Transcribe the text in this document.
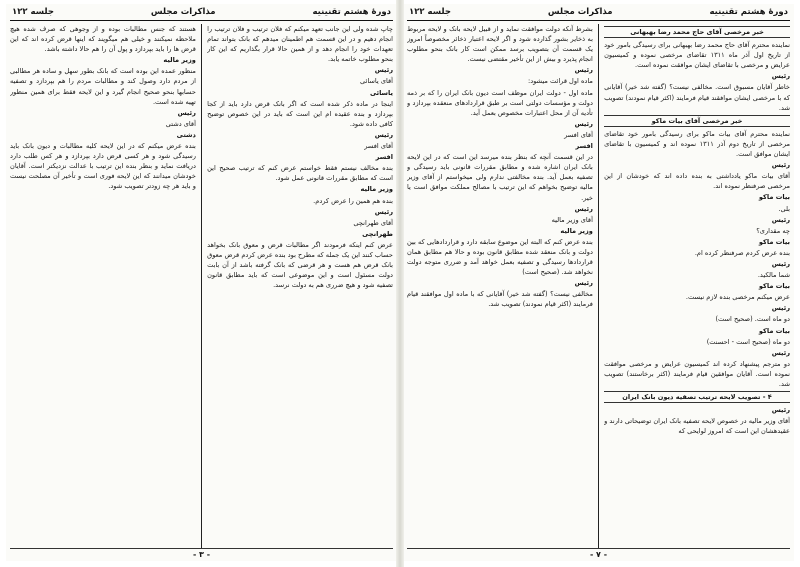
دورهٔ هشتم تقنینیه
مذاکرات مجلس
جلسه ۱۲۲

خبر مرخصی آقای حاج محمد رضا بهبهانی

نماینده محترم آقای حاج محمد رضا بهبهانی برای رسیدگی بامور خود از تاریخ اول آذر ماه ۱۳۱۱ تقاضای مرخصی نموده و کمیسیون عرایض و مرخصی با تقاضای ایشان موافقت نموده است.

رئیس

خاطر آقایان مسبوق است. مخالفی نیست؟ (گفته شد خیر) آقایانی که با مرخصی ایشان موافقند قیام فرمایند (اکثر قیام نمودند) تصویب شد.

خبر مرخصی آقای بیات ماکو

نماینده محترم آقای بیات ماکو برای رسیدگی بامور خود تقاضای مرخصی از تاریخ دوم آذر ۱۳۱۱ نموده اند و کمیسیون با تقاضای ایشان موافق است.

رئیس

آقای بیات ماکو یادداشتی به بنده داده اند که خودشان از این مرخصی صرفنظر نموده اند.

بیات ماکو

بلی.

رئیس

چه مقداری؟

بیات ماکو

بنده عرض کردم صرفنظر کرده ام.

رئیس

شما مالکید.

بیات ماکو

عرض میکنم مرخصی بنده لازم نیست.

رئیس

دو ماه است. (صحیح است)

بیات ماکو

دو ماه (صحیح است - احسنت)

رئیس

دو مترجم پیشنهاد کرده اند کمیسیون عرایض و مرخصی موافقت نموده است. آقایان موافقین قیام فرمایند (اکثر برخاستند) تصویب شد.

۴ - تصویب لایحه ترتیب تصفیه دیون بانک ایران

رئیس

آقای وزیر مالیه در خصوص لایحه تصفیه بانک ایران توضیحاتی دارند و عقیدهشان این است که امروز لوایحی که

بشرط آنکه دولت موافقت نماید و از قبیل لایحه بانک و لایحه مربوط به ذخایر بشور گذارده شود و اگر لایحه اعتبار ذخائر مخصوصاً امروز یک قسمت آن بتصویب برسد ممکن است کار بانک بنحو مطلوب انجام پذیرد و بیش از این تأخیر مقتضی نیست.

رئیس

ماده اول قرائت میشود:

ماده اول - دولت ایران موظف است دیون بانک ایران را که بر ذمه دولت و مؤسسات دولتی است بر طبق قراردادهای منعقده بپردازد و تأدیه آن از محل اعتبارات مخصوص بعمل آید.

رئیس

آقای افسر

افسر

در این قسمت آنچه که بنظر بنده میرسد این است که در این لایحه بانک ایران اشاره شده و مطابق مقررات قانونی باید رسیدگی و تصفیه بعمل آید. بنده مخالفتی ندارم ولی میخواستم از آقای وزیر مالیه توضیح بخواهم که این ترتیب با مصالح مملکت موافق است یا خیر.

رئیس

آقای وزیر مالیه

وزیر مالیه

بنده عرض کنم که البته این موضوع سابقه دارد و قراردادهایی که بین دولت و بانک منعقد شده مطابق قانون بوده و حالا هم مطابق همان قراردادها رسیدگی و تصفیه بعمل خواهد آمد و ضرری متوجه دولت نخواهد شد. (صحیح است)

رئیس

مخالفی نیست؟ (گفته شد خیر) آقایانی که با ماده اول موافقند قیام فرمایند (اکثر قیام نمودند) تصویب شد.

- ۷ -
دورهٔ هشتم تقنینیه
مذاکرات مجلس
جلسه ۱۲۲

چاپ شده ولی این جانب تعهد میکنم که فلان ترتیب و فلان ترتیب را انجام دهیم و در این قسمت هم اطمینان میدهم که بانک بتواند تمام تعهدات خود را انجام دهد و از همین حالا قرار بگذاریم که این کار بنحو مطلوب خاتمه یابد.

رئیس

آقای یاسائی

یاسائی

اینجا در ماده ذکر شده است که اگر بانک قرض دارد باید از کجا بپردازد و بنده عقیده ام این است که باید در این خصوص توضیح کافی داده شود.

رئیس

آقای افسر

افسر

بنده مخالف نیستم فقط خواستم عرض کنم که ترتیب صحیح این است که مطابق مقررات قانونی عمل شود.

وزیر مالیه

بنده هم همین را عرض کردم.

رئیس

آقای طهرانچی

طهرانچی

عرض کنم اینکه فرمودند اگر مطالبات قرض و معوق بانک بخواهد حساب کنند این یک جمله که مطرح بود بنده عرض کردم قرض معوق بانک قرض هم هست و هر قرضی که بانک گرفته باشد از آن بابت دولت مسئول است و این موضوعی است که باید مطابق قانون تصفیه شود و هیچ ضرری هم به دولت نرسد.

هستند که جنس مطالبات بوده و از وجوهی که صرف شده هیچ ملاحظه نمیکنند و خیلی هم میگویند که اینها قرض کرده اند که این قرض ها را باید بپردازد و پول آن را هم حالا داشته باشد.

وزیر مالیه

منظور عمده این بوده است که بانک بطور سهل و ساده هر مطالبی از مردم دارد وصول کند و مطالبات مردم را هم بپردازد و تصفیه حسابها بنحو صحیح انجام گیرد و این لایحه فقط برای همین منظور تهیه شده است.

رئیس

آقای دشتی

دشتی

بنده عرض میکنم که در این لایحه کلیه مطالبات و دیون بانک باید رسیدگی شود و هر کسی قرض دارد بپردازد و هر کس طلب دارد دریافت نماید و بنظر بنده این ترتیب با عدالت نزدیکتر است. آقایان خودشان میدانند که این لایحه فوری است و تأخیر آن مصلحت نیست و باید هر چه زودتر تصویب شود.

- ۳ -
